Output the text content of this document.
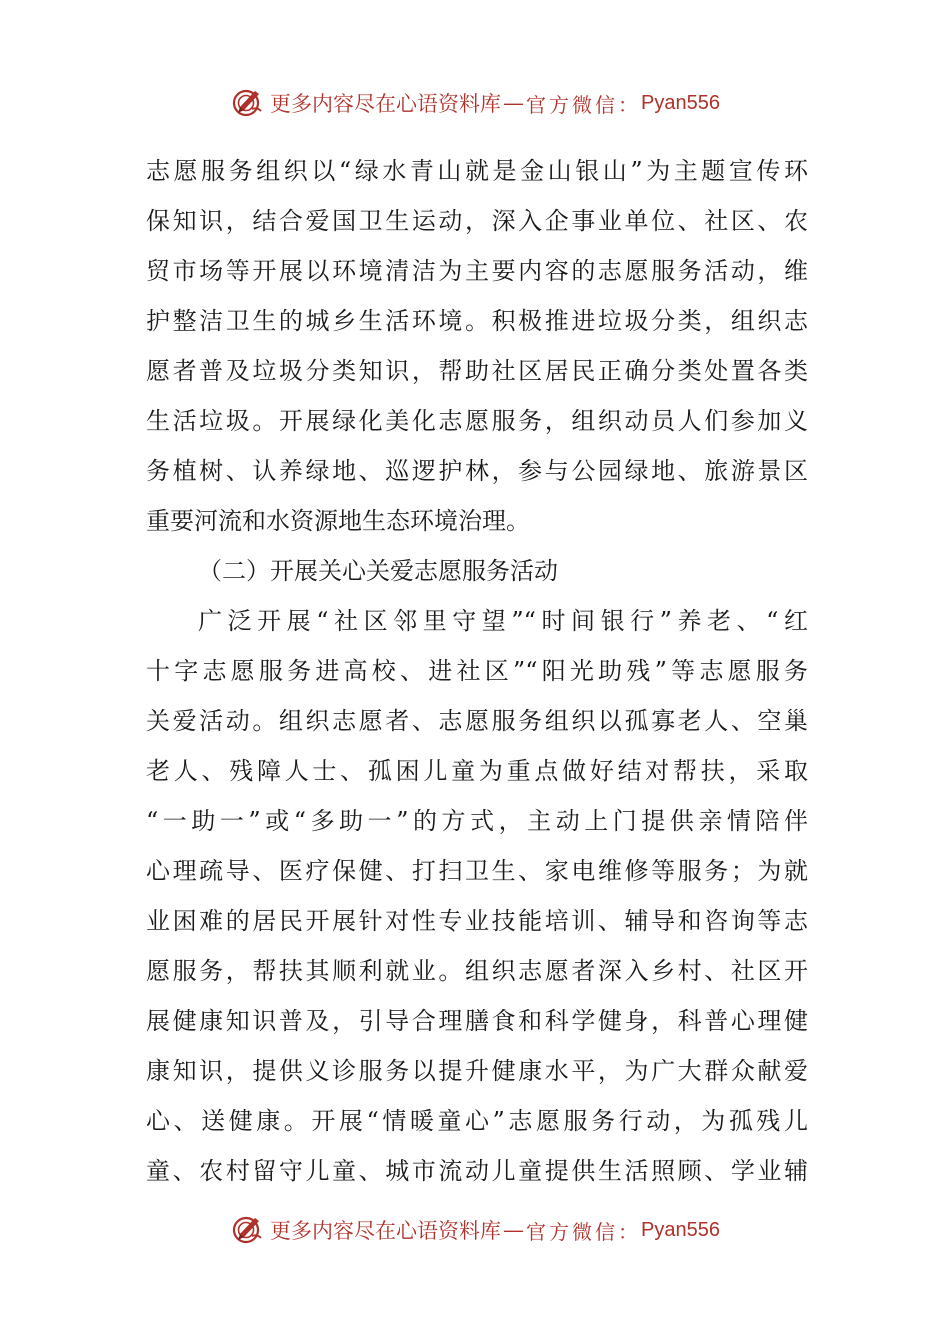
更多内容尽在心语资料库 — 官方微信： Pyan556
志愿服务组织以“绿水青山就是金山银山”为主题宣传环
保知识，结合爱国卫生运动，深入企事业单位、社区、农
贸市场等开展以环境清洁为主要内容的志愿服务活动，维
护整洁卫生的城乡生活环境。积极推进垃圾分类，组织志
愿者普及垃圾分类知识，帮助社区居民正确分类处置各类
生活垃圾。开展绿化美化志愿服务，组织动员人们参加义
务植树、认养绿地、巡逻护林，参与公园绿地、旅游景区
重要河流和水资源地生态环境治理。
（二）开展关心关爱志愿服务活动
广泛开展“社区邻里守望”“时间银行”养老、“红
十字志愿服务进高校、进社区”“阳光助残”等志愿服务
关爱活动。组织志愿者、志愿服务组织以孤寡老人、空巢
老人、残障人士、孤困儿童为重点做好结对帮扶，采取
“一助一”或“多助一”的方式，主动上门提供亲情陪伴
心理疏导、医疗保健、打扫卫生、家电维修等服务；为就
业困难的居民开展针对性专业技能培训、辅导和咨询等志
愿服务，帮扶其顺利就业。组织志愿者深入乡村、社区开
展健康知识普及，引导合理膳食和科学健身，科普心理健
康知识，提供义诊服务以提升健康水平，为广大群众献爱
心、送健康。开展“情暖童心”志愿服务行动，为孤残儿
童、农村留守儿童、城市流动儿童提供生活照顾、学业辅
更多内容尽在心语资料库 — 官方微信： Pyan556
